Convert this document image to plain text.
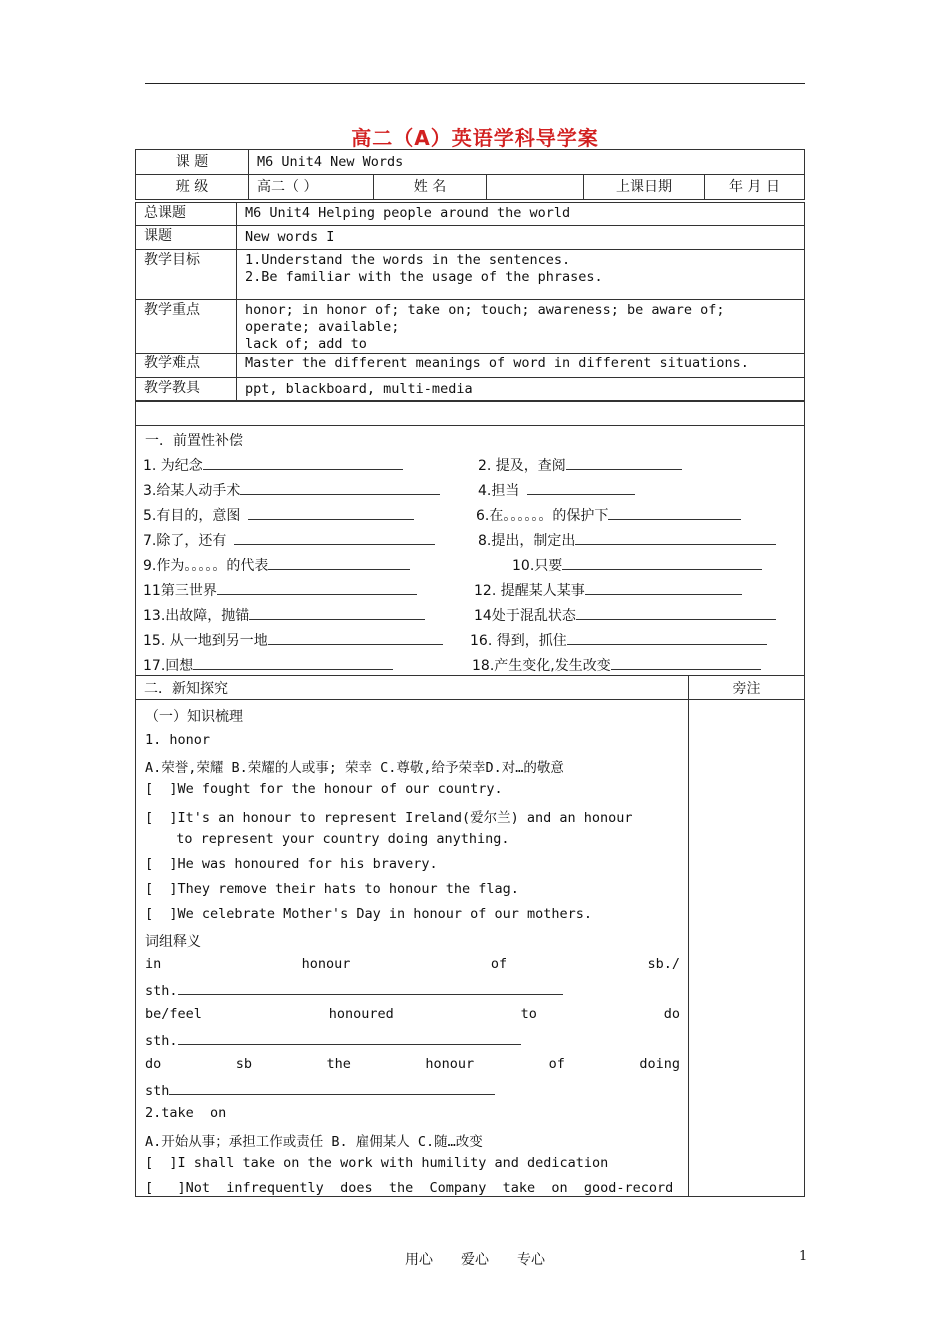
高二（A）英语学科导学案
课 题	M6 Unit4 New Words				
班 级	高二（ ）	姓 名		上课日期	年 月 日
总课题	M6 Unit4 Helping people around the world
课题	New words I
教学目标	1.Understand the words in the sentences.
2.Be familiar with the usage of the phrases.
教学重点	honor; in honor of; take on; touch; awareness; be aware of;
operate; available;
lack of; add to
教学难点	Master the different meanings of word in different situations.
教学教具	ppt, blackboard, multi-media

二．新知探究	旁注

一．前置性补偿
1. 为纪念	2. 提及，查阅
3.给某人动手术	4.担当
5.有目的，意图	6.在。。。。。。的保护下
7.除了，还有	8.提出，制定出
9.作为。。。。。的代表	10.只要
11第三世界	12. 提醒某人某事
13.出故障，抛锚	14处于混乱状态
15. 从一地到另一地	16. 得到，抓住
17.回想	18.产生变化,发生改变
（一）知识梳理
1. honor
A.荣誉,荣耀 B.荣耀的人或事; 荣幸 C.尊敬,给予荣幸D.对…的敬意
[  ]We fought for the honour of our country.
[  ]It's an honour to represent Ireland(爱尔兰) and an honour
to represent your country doing anything.
[  ]He was honoured for his bravery.
[  ]They remove their hats to honour the flag.
[  ]We celebrate Mother's Day in honour of our mothers.
词组释义
in	honour	of	sb./
sth.
be/feel	honoured	to	do
sth.
do	sb	the	honour	of	doing
sth
2.take  on
A.开始从事；承担工作或责任 B. 雇佣某人 C.随…改变
[  ]I shall take on the work with humility and dedication
[   ]Not  infrequently  does  the  Company  take  on  good-record
用心 爱心 专心	1
